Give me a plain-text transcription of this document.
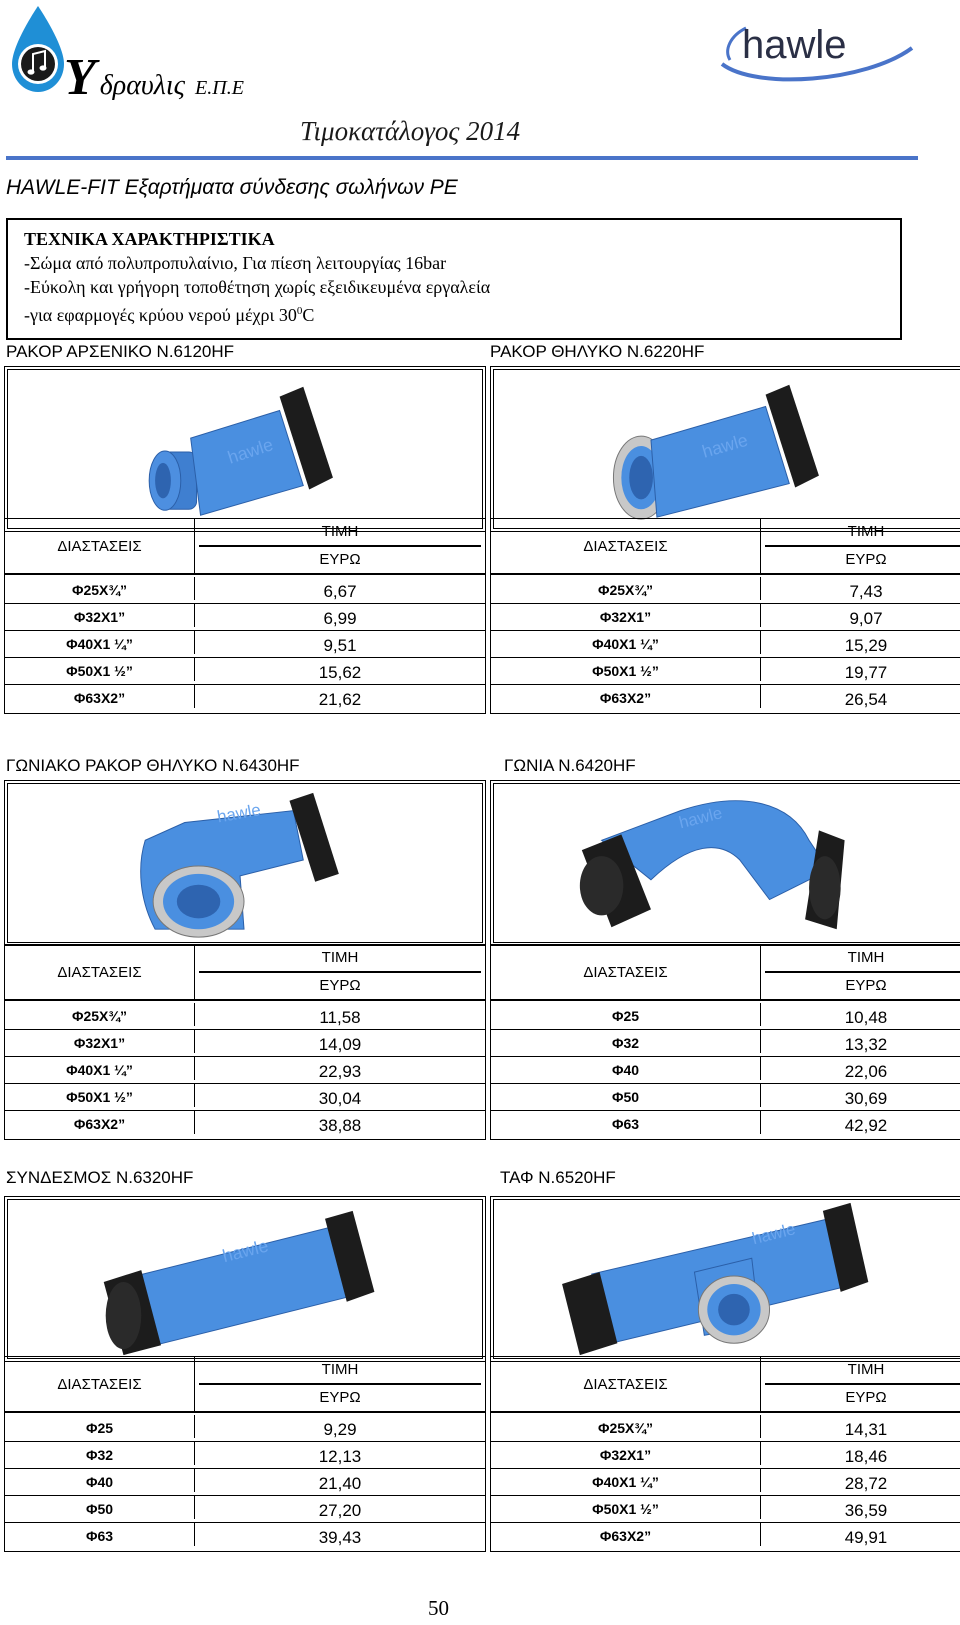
Υδραυλις Ε.Π.Ε
hawle
Τιμοκατάλογος 2014
HAWLE-FIT Εξαρτήματα σύνδεσης σωλήνων PE
ΤΕΧΝΙΚΑ ΧΑΡΑΚΤΗΡΙΣΤΙΚΑ
-Σώμα από πολυπροπυλαίνιο, Για πίεση λειτουργίας 16bar
-Εύκολη και γρήγορη τοποθέτηση χωρίς εξειδικευμένα εργαλεία
-για εφαρμογές κρύου νερού μέχρι $30^0C$
ΡΑΚΟΡ ΑΡΣΕΝΙΚΟ Ν.6120HF
hawle
ΔΙΑΣΤΑΣΕΙΣ
ΤΙΜΗ
ΕΥΡΩ
Φ25Χ¾”	6,67
Φ32Χ1”	6,99
Φ40Χ1 ¼”	9,51
Φ50Χ1 ½”	15,62
Φ63Χ2”	21,62
ΡΑΚΟΡ ΘΗΛΥΚΟ Ν.6220HF
hawle
ΔΙΑΣΤΑΣΕΙΣ
ΤΙΜΗ
ΕΥΡΩ
Φ25Χ¾”	7,43
Φ32Χ1”	9,07
Φ40Χ1 ¼”	15,29
Φ50Χ1 ½”	19,77
Φ63Χ2”	26,54
ΓΩΝΙΑΚΟ ΡΑΚΟΡ ΘΗΛΥΚΟ Ν.6430HF
hawle
ΔΙΑΣΤΑΣΕΙΣ
ΤΙΜΗ
ΕΥΡΩ
Φ25Χ¾”	11,58
Φ32Χ1”	14,09
Φ40Χ1 ¼”	22,93
Φ50Χ1 ½”	30,04
Φ63Χ2”	38,88
ΓΩΝΙΑ Ν.6420HF
hawle
ΔΙΑΣΤΑΣΕΙΣ
ΤΙΜΗ
ΕΥΡΩ
Φ25	10,48
Φ32	13,32
Φ40	22,06
Φ50	30,69
Φ63	42,92
ΣΥΝΔΕΣΜΟΣ Ν.6320HF
hawle
ΔΙΑΣΤΑΣΕΙΣ
ΤΙΜΗ
ΕΥΡΩ
Φ25	9,29
Φ32	12,13
Φ40	21,40
Φ50	27,20
Φ63	39,43
ΤΑΦ Ν.6520HF
hawle
ΔΙΑΣΤΑΣΕΙΣ
ΤΙΜΗ
ΕΥΡΩ
Φ25Χ¾”	14,31
Φ32Χ1”	18,46
Φ40Χ1 ¼”	28,72
Φ50Χ1 ½”	36,59
Φ63Χ2”	49,91
50
